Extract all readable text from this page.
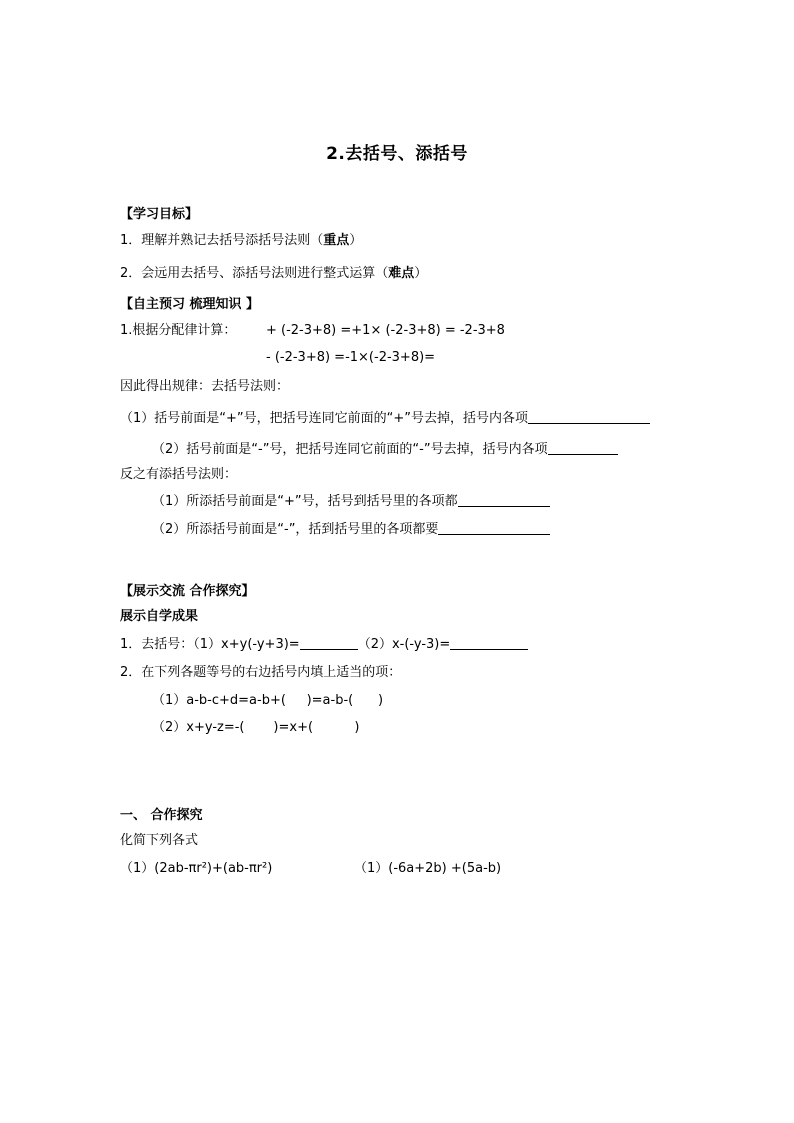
2.去括号、添括号
【学习目标】
1．理解并熟记去括号添括号法则（重点）
2．会远用去括号、添括号法则进行整式运算（难点）
【自主预习 梳理知识 】
1.根据分配律计算： + (-2-3+8) =+1× (-2-3+8) = -2-3+8
- (-2-3+8) =-1×(-2-3+8)=
因此得出规律：去括号法则：
（1）括号前面是“+”号，把括号连同它前面的“+”号去掉，括号内各项
（2）括号前面是“-”号，把括号连同它前面的“-”号去掉，括号内各项
反之有添括号法则：
（1）所添括号前面是“+”号，括号到括号里的各项都
（2）所添括号前面是“-”，括到括号里的各项都要
【展示交流 合作探究】
展示自学成果
1．去括号：（1）x+y(-y+3)=	（2）x-(-y-3)=
2．在下列各题等号的右边括号内填上适当的项：
（1）a-b-c+d=a-b+(     )=a-b-(      )
（2）x+y-z=-(       )=x+(          )
一、 合作探究
化简下列各式
（1）(2ab-πr²)+(ab-πr²)	（1）(-6a+2b) +(5a-b)
